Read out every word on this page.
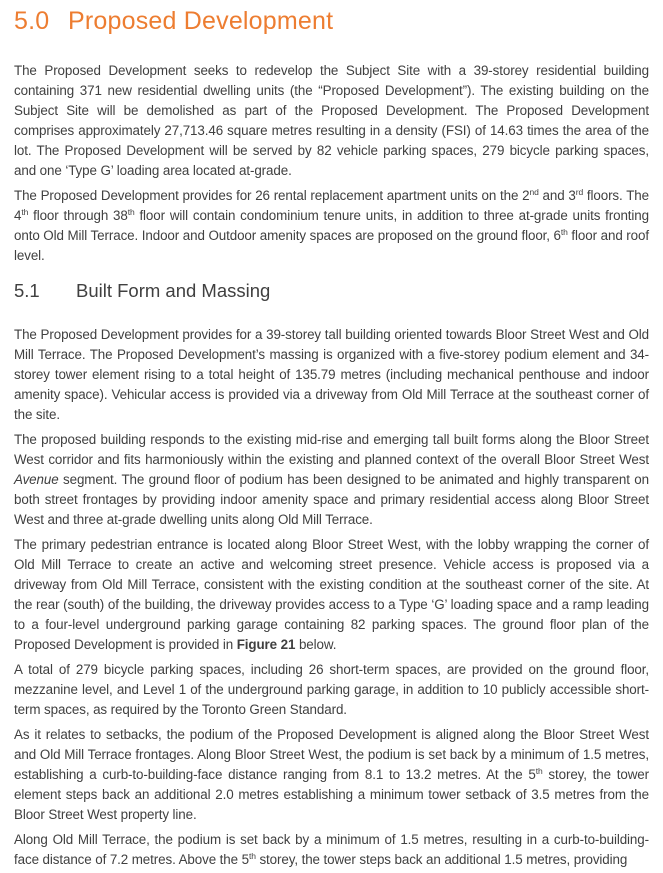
5.0 Proposed Development

The Proposed Development seeks to redevelop the Subject Site with a 39-storey residential building containing 371 new residential dwelling units (the “Proposed Development”). The existing building on the Subject Site will be demolished as part of the Proposed Development. The Proposed Development comprises approximately 27,713.46 square metres resulting in a density (FSI) of 14.63 times the area of the lot. The Proposed Development will be served by 82 vehicle parking spaces, 279 bicycle parking spaces, and one ‘Type G’ loading area located at-grade.

The Proposed Development provides for 26 rental replacement apartment units on the 2nd and 3rd floors. The 4th floor through 38th floor will contain condominium tenure units, in addition to three at-grade units fronting onto Old Mill Terrace. Indoor and Outdoor amenity spaces are proposed on the ground floor, 6th floor and roof level.

5.1	Built Form and Massing

The Proposed Development provides for a 39-storey tall building oriented towards Bloor Street West and Old Mill Terrace. The Proposed Development’s massing is organized with a five-storey podium element and 34-storey tower element rising to a total height of 135.79 metres (including mechanical penthouse and indoor amenity space). Vehicular access is provided via a driveway from Old Mill Terrace at the southeast corner of the site.

The proposed building responds to the existing mid-rise and emerging tall built forms along the Bloor Street West corridor and fits harmoniously within the existing and planned context of the overall Bloor Street West Avenue segment. The ground floor of podium has been designed to be animated and highly transparent on both street frontages by providing indoor amenity space and primary residential access along Bloor Street West and three at-grade dwelling units along Old Mill Terrace.

The primary pedestrian entrance is located along Bloor Street West, with the lobby wrapping the corner of Old Mill Terrace to create an active and welcoming street presence. Vehicle access is proposed via a driveway from Old Mill Terrace, consistent with the existing condition at the southeast corner of the site. At the rear (south) of the building, the driveway provides access to a Type ‘G’ loading space and a ramp leading to a four-level underground parking garage containing 82 parking spaces. The ground floor plan of the Proposed Development is provided in Figure 21 below.

A total of 279 bicycle parking spaces, including 26 short-term spaces, are provided on the ground floor, mezzanine level, and Level 1 of the underground parking garage, in addition to 10 publicly accessible short-term spaces, as required by the Toronto Green Standard.

As it relates to setbacks, the podium of the Proposed Development is aligned along the Bloor Street West and Old Mill Terrace frontages. Along Bloor Street West, the podium is set back by a minimum of 1.5 metres, establishing a curb-to-building-face distance ranging from 8.1 to 13.2 metres. At the 5th storey, the tower element steps back an additional 2.0 metres establishing a minimum tower setback of 3.5 metres from the Bloor Street West property line.

Along Old Mill Terrace, the podium is set back by a minimum of 1.5 metres, resulting in a curb-to-building-face distance of 7.2 metres. Above the 5th storey, the tower steps back an additional 1.5 metres, providing
